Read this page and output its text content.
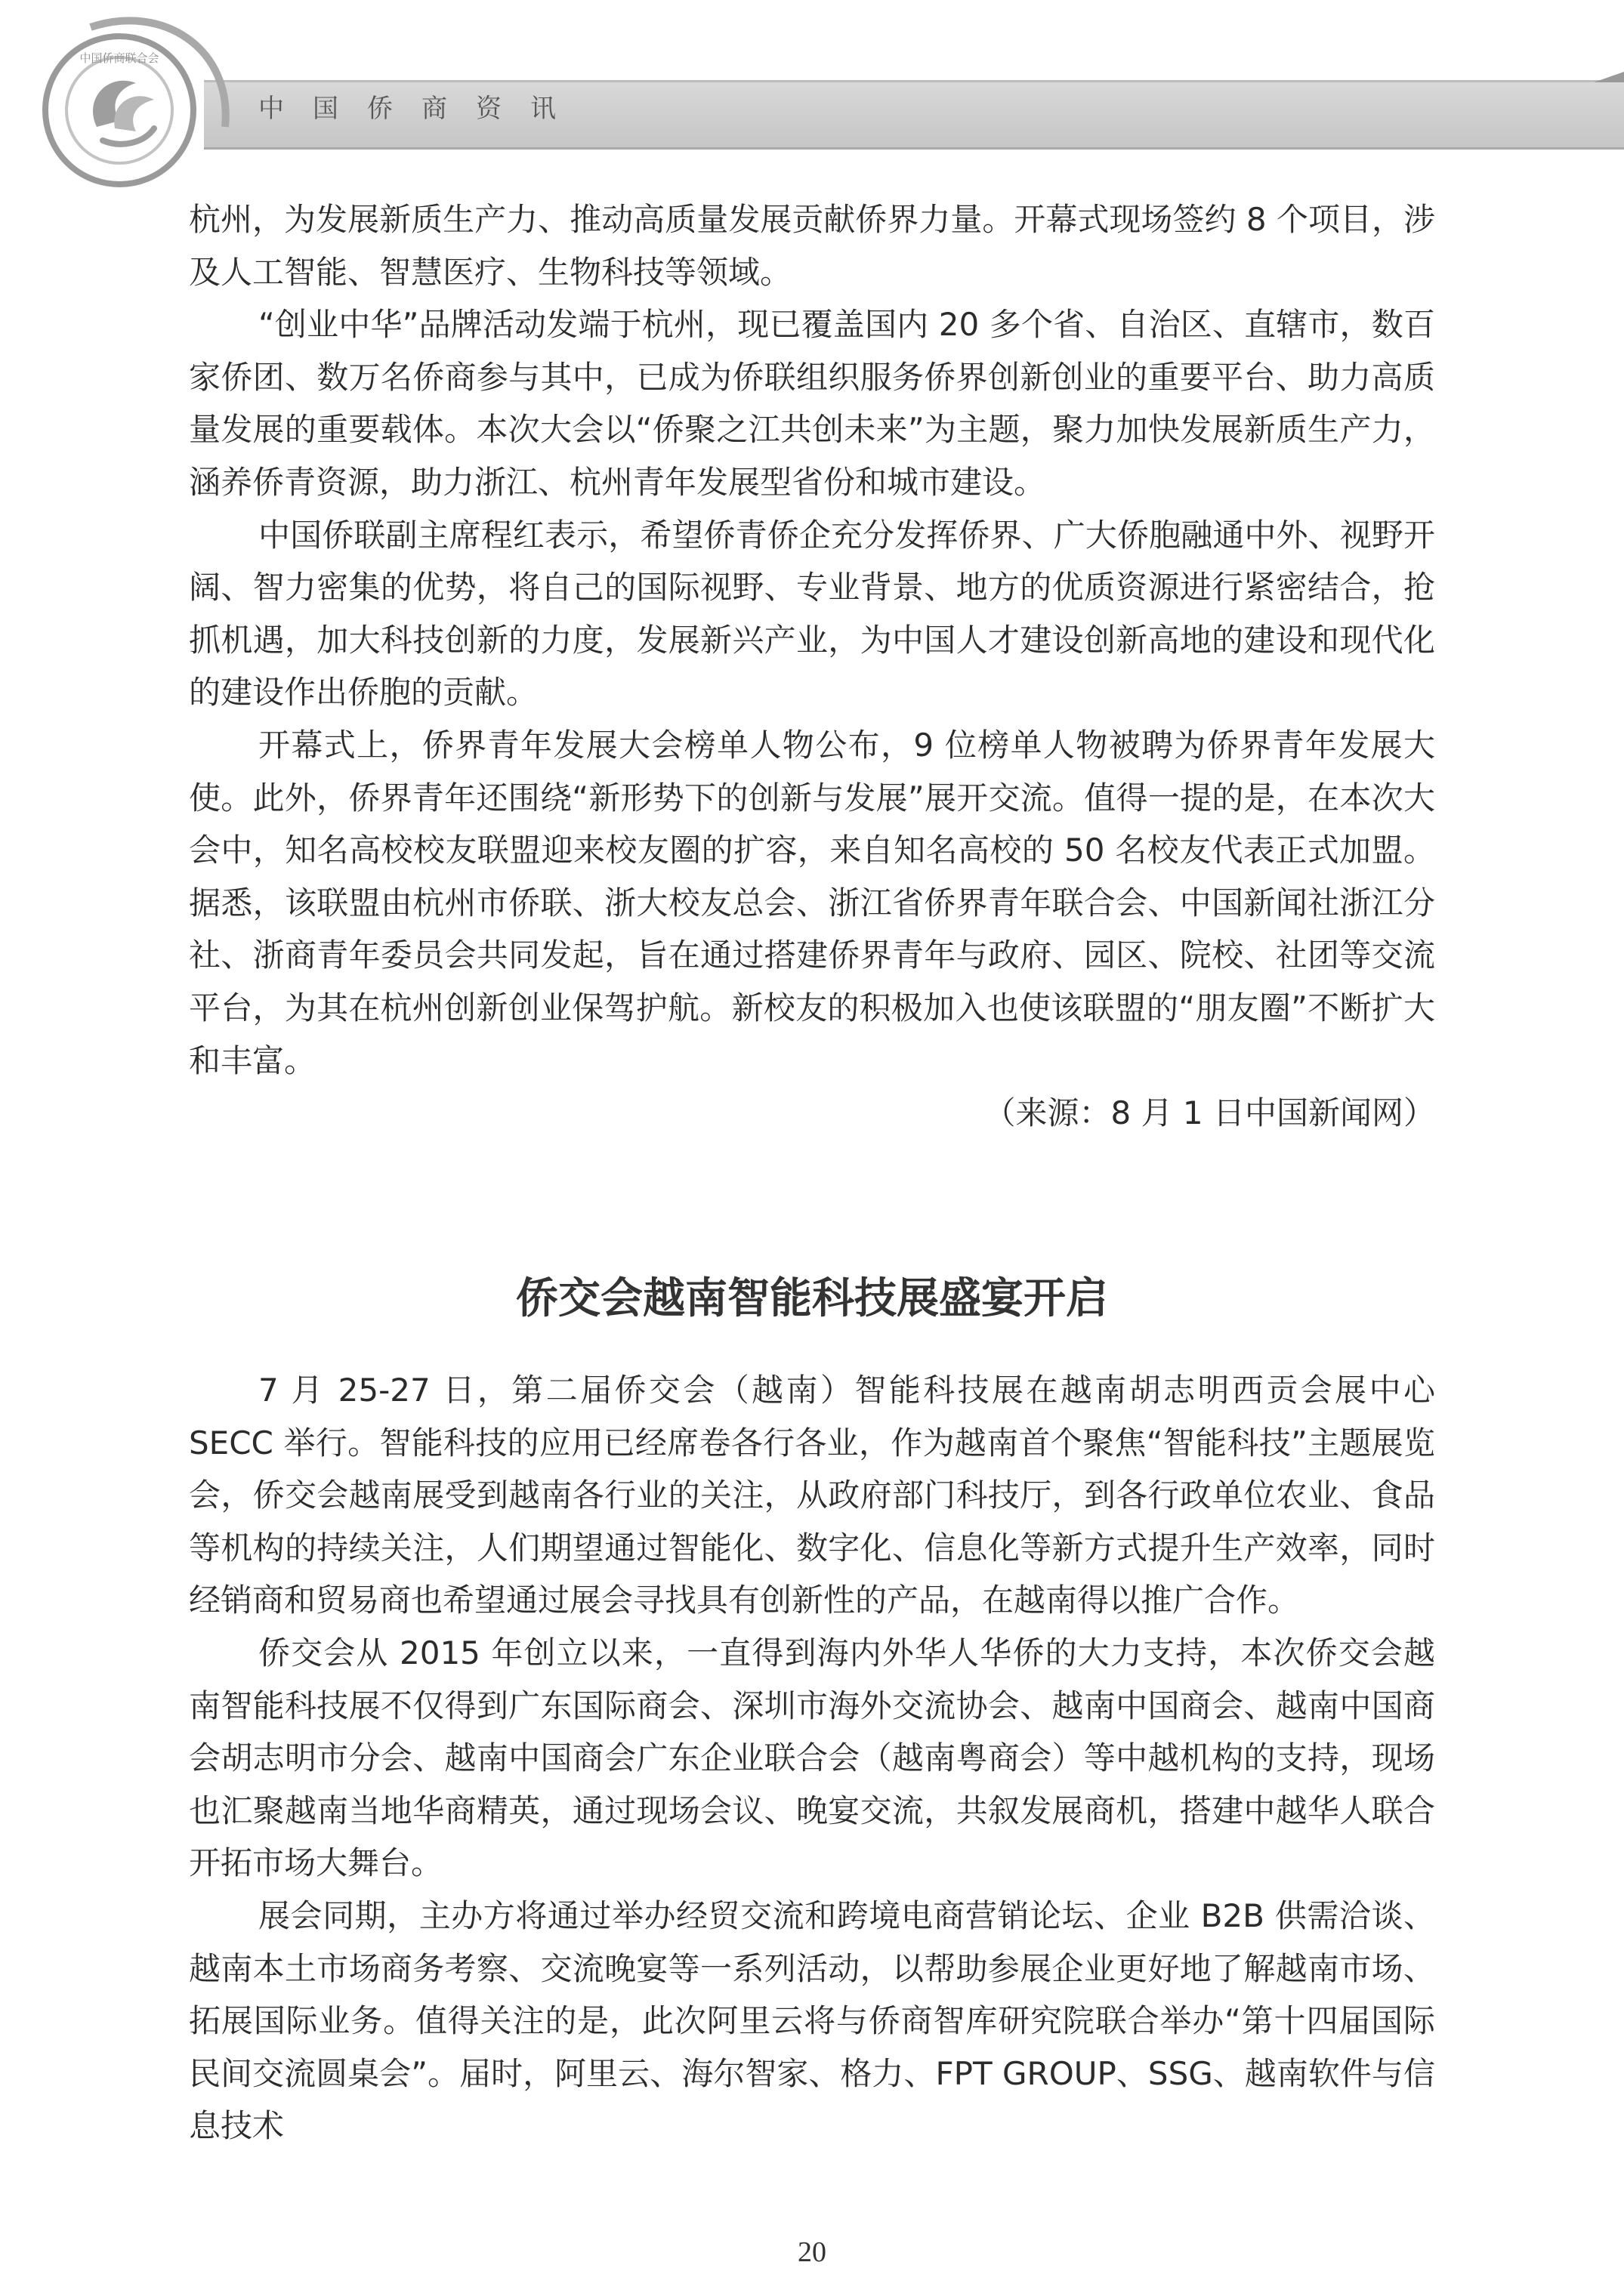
中国侨商联合会
中国侨商资讯

杭州，为发展新质生产力、推动高质量发展贡献侨界力量。开幕式现场签约 8 个项目，涉及人工智能、智慧医疗、生物科技等领域。

“创业中华”品牌活动发端于杭州，现已覆盖国内 20 多个省、自治区、直辖市，数百家侨团、数万名侨商参与其中，已成为侨联组织服务侨界创新创业的重要平台、助力高质量发展的重要载体。本次大会以“侨聚之江共创未来”为主题，聚力加快发展新质生产力，涵养侨青资源，助力浙江、杭州青年发展型省份和城市建设。

中国侨联副主席程红表示，希望侨青侨企充分发挥侨界、广大侨胞融通中外、视野开阔、智力密集的优势，将自己的国际视野、专业背景、地方的优质资源进行紧密结合，抢抓机遇，加大科技创新的力度，发展新兴产业，为中国人才建设创新高地的建设和现代化的建设作出侨胞的贡献。

开幕式上，侨界青年发展大会榜单人物公布，9 位榜单人物被聘为侨界青年发展大使。此外，侨界青年还围绕“新形势下的创新与发展”展开交流。值得一提的是，在本次大会中，知名高校校友联盟迎来校友圈的扩容，来自知名高校的 50 名校友代表正式加盟。据悉，该联盟由杭州市侨联、浙大校友总会、浙江省侨界青年联合会、中国新闻社浙江分社、浙商青年委员会共同发起，旨在通过搭建侨界青年与政府、园区、院校、社团等交流平台，为其在杭州创新创业保驾护航。新校友的积极加入也使该联盟的“朋友圈”不断扩大和丰富。

（来源：8 月 1 日中国新闻网）

侨交会越南智能科技展盛宴开启

7 月 25-27 日，第二届侨交会（越南）智能科技展在越南胡志明西贡会展中心 SECC 举行。智能科技的应用已经席卷各行各业，作为越南首个聚焦“智能科技”主题展览会，侨交会越南展受到越南各行业的关注，从政府部门科技厅，到各行政单位农业、食品等机构的持续关注，人们期望通过智能化、数字化、信息化等新方式提升生产效率，同时经销商和贸易商也希望通过展会寻找具有创新性的产品，在越南得以推广合作。

侨交会从 2015 年创立以来，一直得到海内外华人华侨的大力支持，本次侨交会越南智能科技展不仅得到广东国际商会、深圳市海外交流协会、越南中国商会、越南中国商会胡志明市分会、越南中国商会广东企业联合会（越南粤商会）等中越机构的支持，现场也汇聚越南当地华商精英，通过现场会议、晚宴交流，共叙发展商机，搭建中越华人联合开拓市场大舞台。

展会同期，主办方将通过举办经贸交流和跨境电商营销论坛、企业 B2B 供需洽谈、越南本土市场商务考察、交流晚宴等一系列活动，以帮助参展企业更好地了解越南市场、拓展国际业务。值得关注的是，此次阿里云将与侨商智库研究院联合举办“第十四届国际民间交流圆桌会”。届时，阿里云、海尔智家、格力、FPT GROUP、SSG、越南软件与信息技术

20
